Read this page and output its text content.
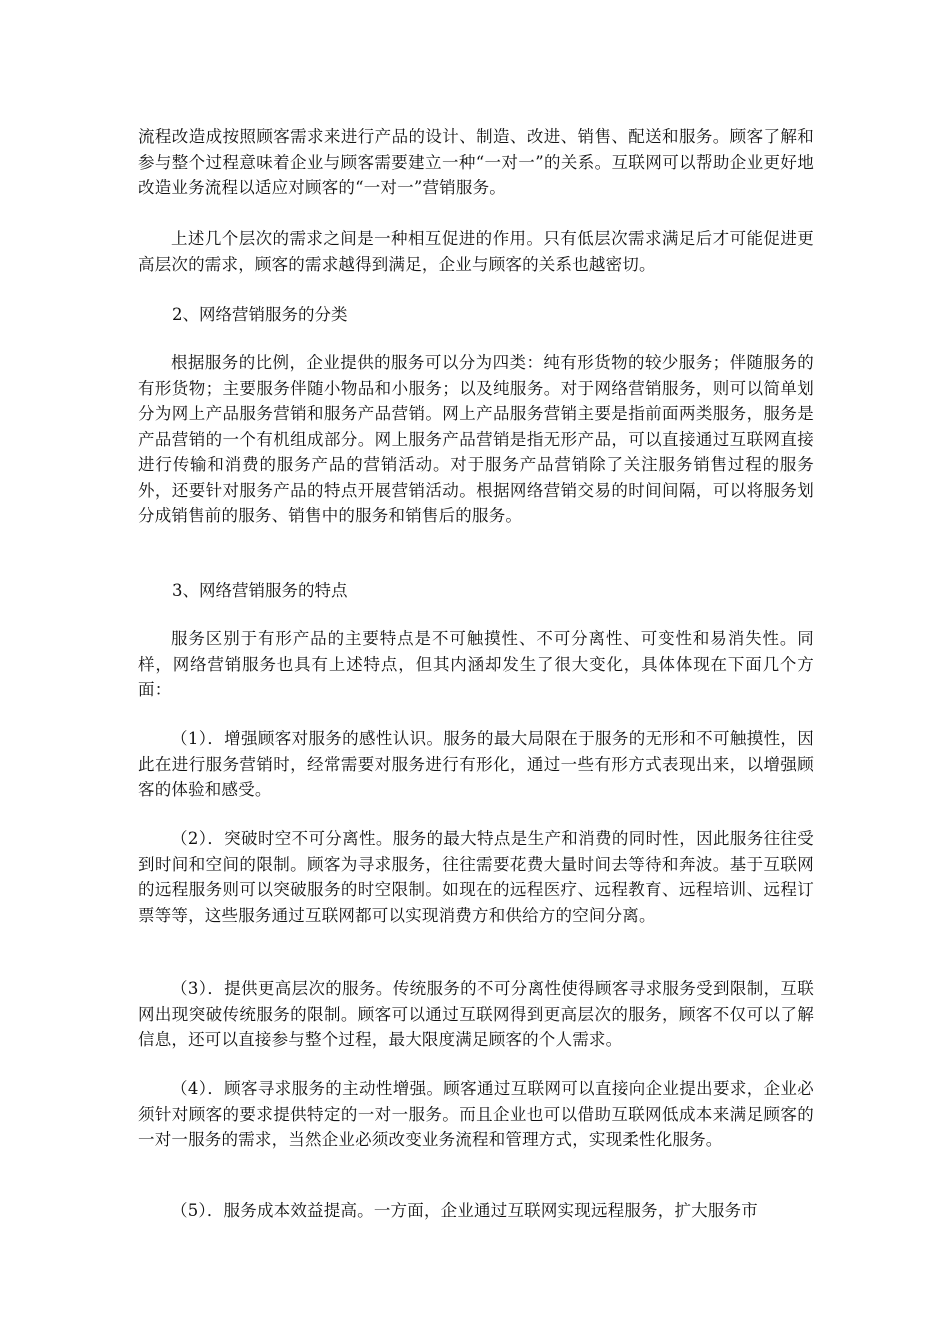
流程改造成按照顾客需求来进行产品的设计、制造、改进、销售、配送和服务。顾客了解和参与整个过程意味着企业与顾客需要建立一种“一对一”的关系。互联网可以帮助企业更好地改造业务流程以适应对顾客的“一对一”营销服务。

上述几个层次的需求之间是一种相互促进的作用。只有低层次需求满足后才可能促进更高层次的需求，顾客的需求越得到满足，企业与顾客的关系也越密切。

2、网络营销服务的分类

根据服务的比例，企业提供的服务可以分为四类：纯有形货物的较少服务；伴随服务的有形货物；主要服务伴随小物品和小服务；以及纯服务。对于网络营销服务，则可以简单划分为网上产品服务营销和服务产品营销。网上产品服务营销主要是指前面两类服务，服务是产品营销的一个有机组成部分。网上服务产品营销是指无形产品，可以直接通过互联网直接进行传输和消费的服务产品的营销活动。对于服务产品营销除了关注服务销售过程的服务外，还要针对服务产品的特点开展营销活动。根据网络营销交易的时间间隔，可以将服务划分成销售前的服务、销售中的服务和销售后的服务。

3、网络营销服务的特点

服务区别于有形产品的主要特点是不可触摸性、不可分离性、可变性和易消失性。同样，网络营销服务也具有上述特点，但其内涵却发生了很大变化，具体体现在下面几个方面：

（1）．增强顾客对服务的感性认识。服务的最大局限在于服务的无形和不可触摸性，因此在进行服务营销时，经常需要对服务进行有形化，通过一些有形方式表现出来，以增强顾客的体验和感受。

（2）．突破时空不可分离性。服务的最大特点是生产和消费的同时性，因此服务往往受到时间和空间的限制。顾客为寻求服务，往往需要花费大量时间去等待和奔波。基于互联网的远程服务则可以突破服务的时空限制。如现在的远程医疗、远程教育、远程培训、远程订票等等，这些服务通过互联网都可以实现消费方和供给方的空间分离。

（3）．提供更高层次的服务。传统服务的不可分离性使得顾客寻求服务受到限制，互联网出现突破传统服务的限制。顾客可以通过互联网得到更高层次的服务，顾客不仅可以了解信息，还可以直接参与整个过程，最大限度满足顾客的个人需求。

（4）．顾客寻求服务的主动性增强。顾客通过互联网可以直接向企业提出要求，企业必须针对顾客的要求提供特定的一对一服务。而且企业也可以借助互联网低成本来满足顾客的一对一服务的需求，当然企业必须改变业务流程和管理方式，实现柔性化服务。

（5）．服务成本效益提高。一方面，企业通过互联网实现远程服务，扩大服务市
